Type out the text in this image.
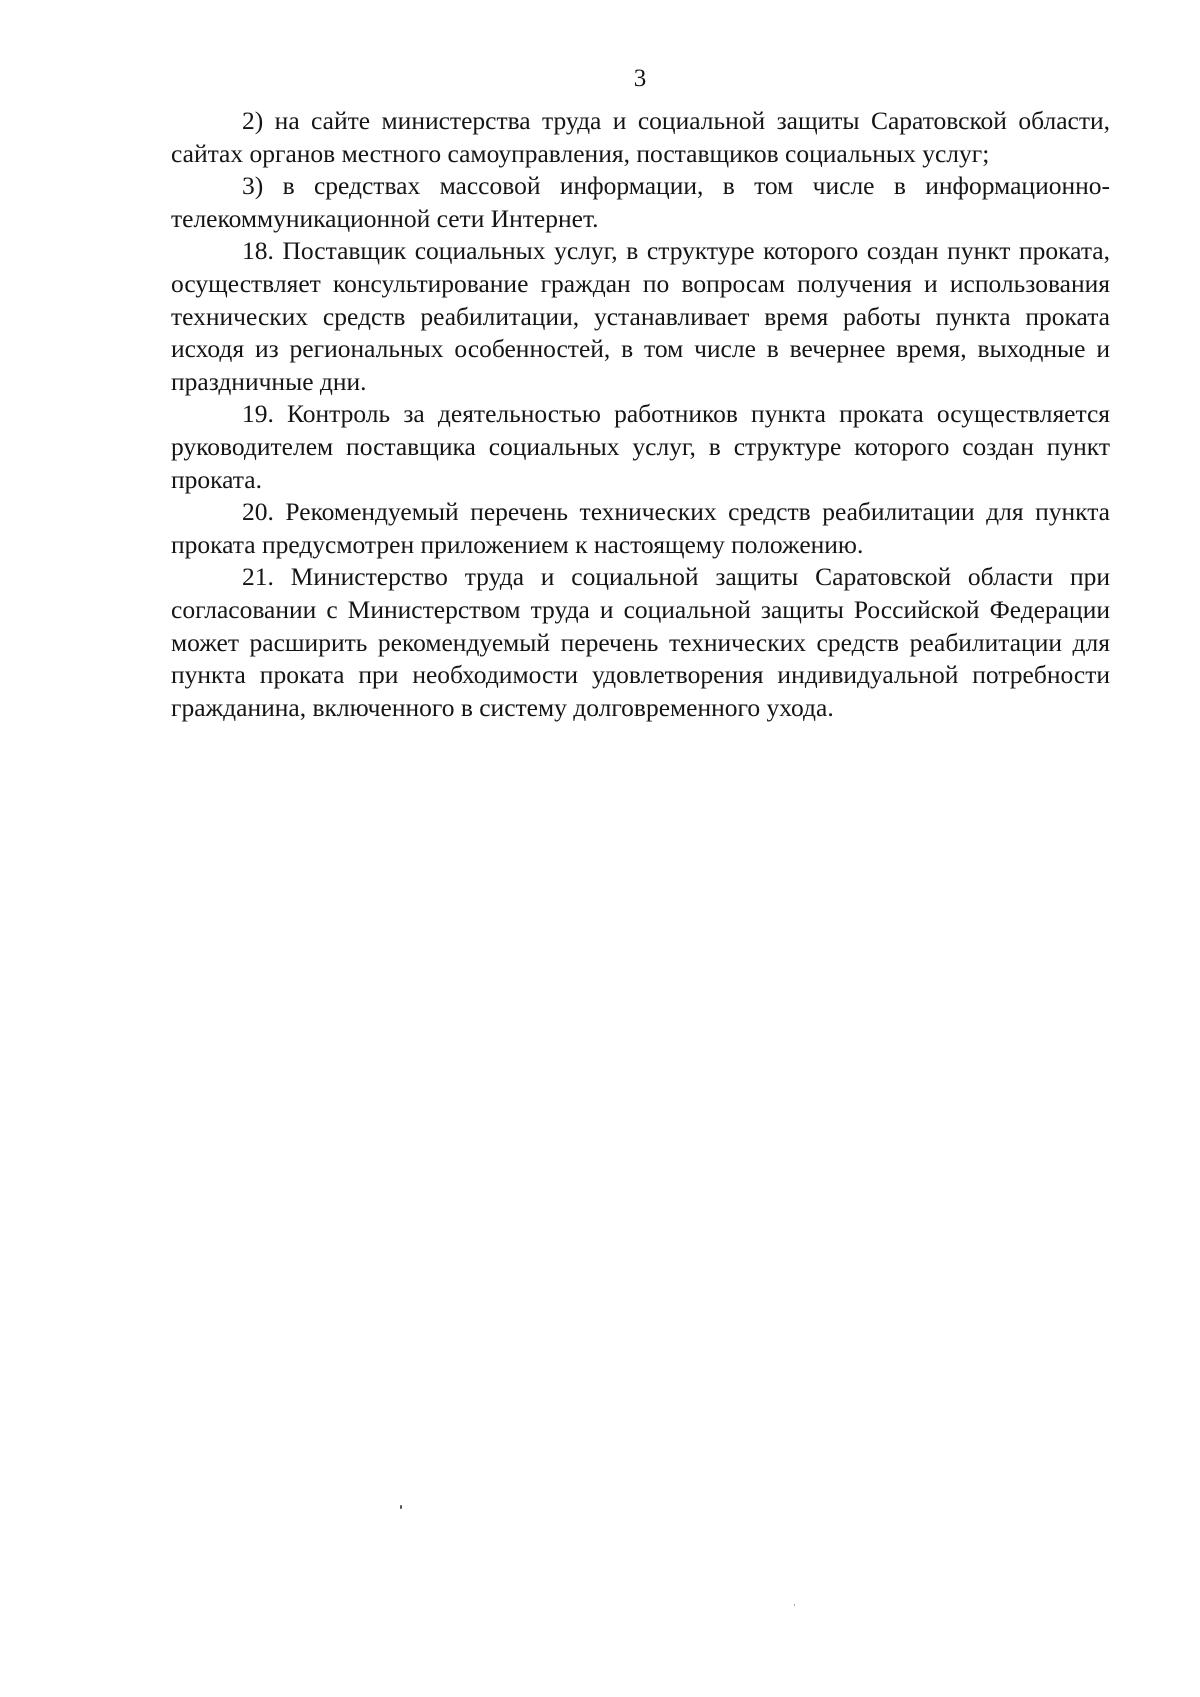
3

2) на сайте министерства труда и социальной защиты Саратовской области, сайтах органов местного самоуправления, поставщиков социальных услуг;

3) в средствах массовой информации, в том числе в информационно-телекоммуникационной сети Интернет.

18. Поставщик социальных услуг, в структуре которого создан пункт проката, осуществляет консультирование граждан по вопросам получения и использования технических средств реабилитации, устанавливает время работы пункта проката исходя из региональных особенностей, в том числе в вечернее время, выходные и праздничные дни.

19. Контроль за деятельностью работников пункта проката осуществляется руководителем поставщика социальных услуг, в структуре которого создан пункт проката.

20. Рекомендуемый перечень технических средств реабилитации для пункта проката предусмотрен приложением к настоящему положению.

21. Министерство труда и социальной защиты Саратовской области при согласовании с Министерством труда и социальной защиты Российской Федерации может расширить рекомендуемый перечень технических средств реабилитации для пункта проката при необходимости удовлетворения индивидуальной потребности гражданина, включенного в систему долговременного ухода.
